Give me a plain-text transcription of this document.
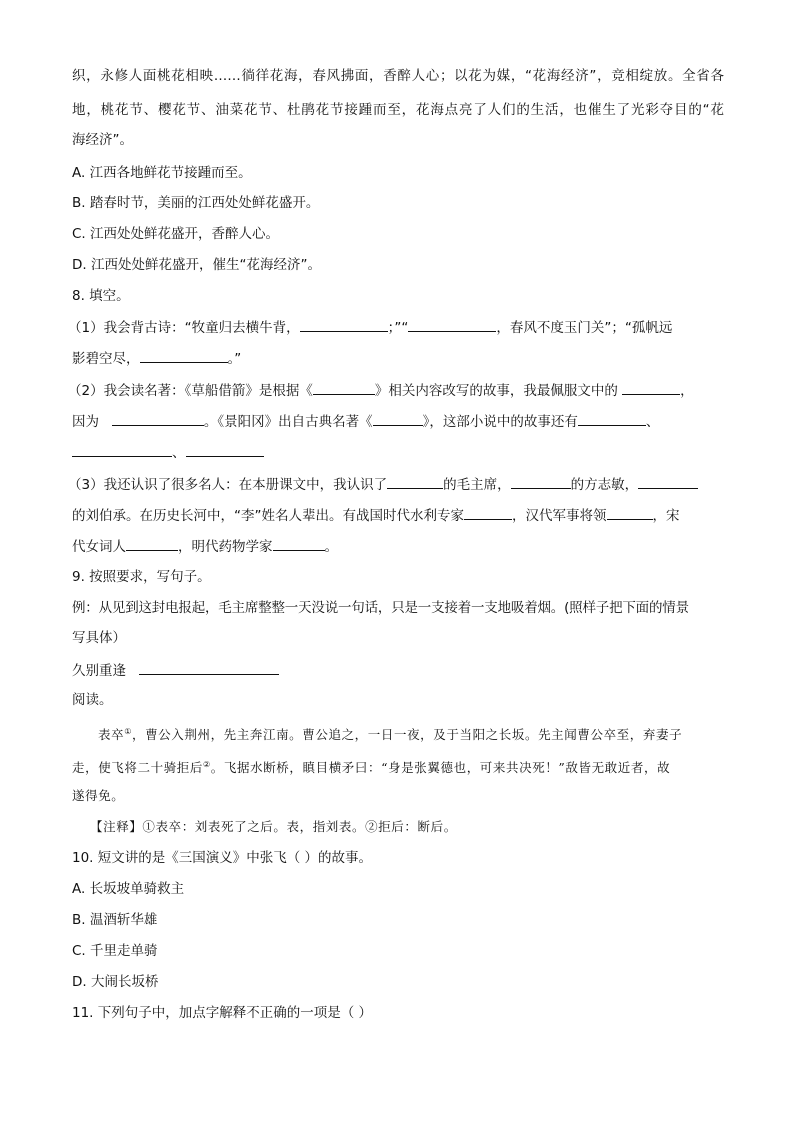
织，永修人面桃花相映……徜徉花海，春风拂面，香醉人心；以花为媒，“花海经济”，竞相绽放。全省各
地，桃花节、樱花节、油菜花节、杜鹃花节接踵而至，花海点亮了人们的生活，也催生了光彩夺目的“花
海经济”。
A. 江西各地鲜花节接踵而至。
B. 踏春时节，美丽的江西处处鲜花盛开。
C. 江西处处鲜花盛开，香醉人心。
D. 江西处处鲜花盛开，催生“花海经济”。
8. 填空。
（1）我会背古诗：“牧童归去横牛背，	；”“	，春风不度玉门关”；“孤帆远
影碧空尽，	。”
（2）我会读名著：《草船借箭》是根据《	》相关内容改写的故事，我最佩服文中的	，
因为	。《景阳冈》出自古典名著《	》，这部小说中的故事还有	、
、
（3）我还认识了很多名人：在本册课文中，我认识了	的毛主席，	的方志敏，
的刘伯承。在历史长河中，“李”姓名人辈出。有战国时代水利专家	，汉代军事将领	，宋
代女词人	，明代药物学家	。
9. 按照要求，写句子。
例：从见到这封电报起，毛主席整整一天没说一句话，只是一支接着一支地吸着烟。(照样子把下面的情景
写具体）
久别重逢
阅读。
表卒①，曹公入荆州，先主奔江南。曹公追之，一日一夜，及于当阳之长坂。先主闻曹公卒至，弃妻子
走，使飞将二十骑拒后②。飞据水断桥，瞋目横矛曰：“身是张翼德也，可来共决死！”敌皆无敢近者，故
遂得免。
【注释】①表卒：刘表死了之后。表，指刘表。②拒后：断后。
10. 短文讲的是《三国演义》中张飞（ ）的故事。
A. 长坂坡单骑救主
B. 温酒斩华雄
C. 千里走单骑
D. 大闹长坂桥
11. 下列句子中，加点字解释不正确的一项是（ ）
